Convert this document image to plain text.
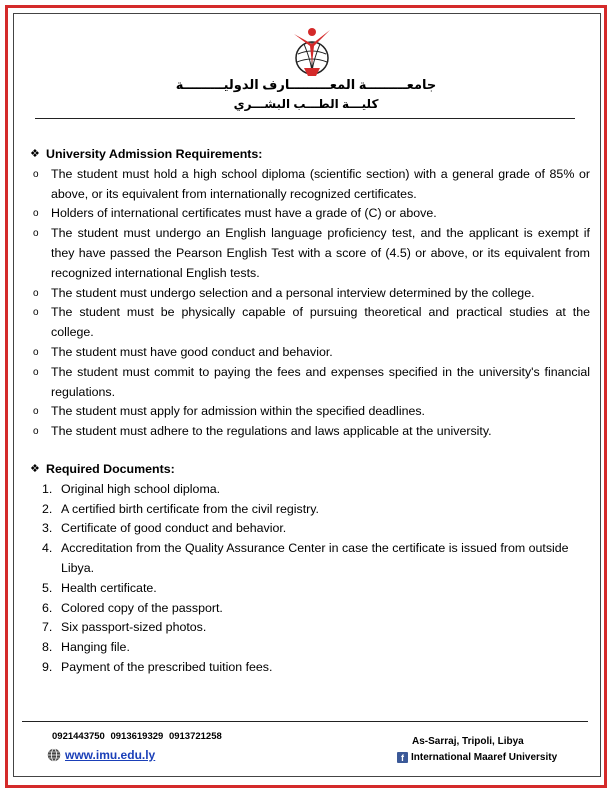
جامعـــــــــة المعـــــــــارف الدوليـــــــــة
كليـــة الطـــب البشـــري

❖ University Admission Requirements:

o The student must hold a high school diploma (scientific section) with a general grade of 85% or above, or its equivalent from internationally recognized certificates.
o Holders of international certificates must have a grade of (C) or above.
o The student must undergo an English language proficiency test, and the applicant is exempt if they have passed the Pearson English Test with a score of (4.5) or above, or its equivalent from recognized international English tests.
o The student must undergo selection and a personal interview determined by the college.
o The student must be physically capable of pursuing theoretical and practical studies at the college.
o The student must have good conduct and behavior.
o The student must commit to paying the fees and expenses specified in the university's financial regulations.
o The student must apply for admission within the specified deadlines.
o The student must adhere to the regulations and laws applicable at the university.

❖ Required Documents:

1. Original high school diploma.
2. A certified birth certificate from the civil registry.
3. Certificate of good conduct and behavior.
4. Accreditation from the Quality Assurance Center in case the certificate is issued from outside Libya.
5. Health certificate.
6. Colored copy of the passport.
7. Six passport-sized photos.
8. Hanging file.
9. Payment of the prescribed tuition fees.
0921443750 0913619329 0913721258
www.imu.edu.ly
As-Sarraj, Tripoli, Libya
f International Maaref University
